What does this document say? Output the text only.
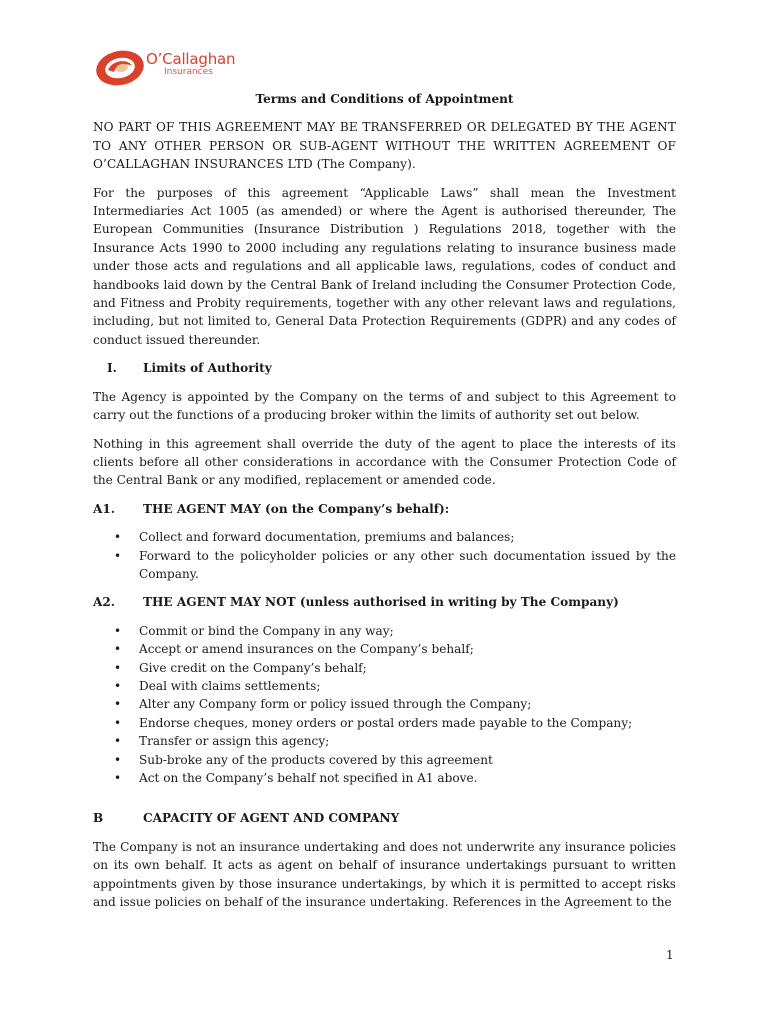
O’Callaghan
Insurances

Terms and Conditions of Appointment

NO PART OF THIS AGREEMENT MAY BE TRANSFERRED OR DELEGATED BY THE AGENT TO ANY OTHER PERSON OR SUB-AGENT WITHOUT THE WRITTEN AGREEMENT OF O’CALLAGHAN INSURANCES LTD (The Company).

For the purposes of this agreement “Applicable Laws” shall mean the Investment Intermediaries Act 1005 (as amended) or where the Agent is authorised thereunder, The European Communities (Insurance Distribution ) Regulations 2018, together with the Insurance Acts 1990 to 2000 including any regulations relating to insurance business made under those acts and regulations and all applicable laws, regulations, codes of conduct and handbooks laid down by the Central Bank of Ireland including the Consumer Protection Code, and Fitness and Probity requirements, together with any other relevant laws and regulations, including, but not limited to, General Data Protection Requirements (GDPR) and any codes of conduct issued thereunder.

I.	Limits of Authority

The Agency is appointed by the Company on the terms of and subject to this Agreement to carry out the functions of a producing broker within the limits of authority set out below.

Nothing in this agreement shall override the duty of the agent to place the interests of its clients before all other considerations in accordance with the Consumer Protection Code of the Central Bank or any modified, replacement or amended code.

A1.	THE AGENT MAY (on the Company’s behalf):
• Collect and forward documentation, premiums and balances;
• Forward to the policyholder policies or any other such documentation issued by the Company.
A2.	THE AGENT MAY NOT (unless authorised in writing by The Company)
• Commit or bind the Company in any way;
• Accept or amend insurances on the Company’s behalf;
• Give credit on the Company’s behalf;
• Deal with claims settlements;
• Alter any Company form or policy issued through the Company;
• Endorse cheques, money orders or postal orders made payable to the Company;
• Transfer or assign this agency;
• Sub-broke any of the products covered by this agreement
• Act on the Company’s behalf not specified in A1 above.
B	CAPACITY OF AGENT AND COMPANY

The Company is not an insurance undertaking and does not underwrite any insurance policies on its own behalf. It acts as agent on behalf of insurance undertakings pursuant to written appointments given by those insurance undertakings, by which it is permitted to accept risks and issue policies on behalf of the insurance undertaking. References in the Agreement to the

1
